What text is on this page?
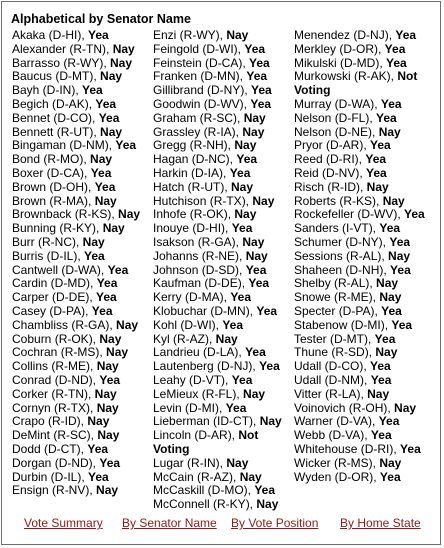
Alphabetical by Senator Name
Akaka (D-HI), Yea
Alexander (R-TN), Nay
Barrasso (R-WY), Nay
Baucus (D-MT), Nay
Bayh (D-IN), Yea
Begich (D-AK), Yea
Bennet (D-CO), Yea
Bennett (R-UT), Nay
Bingaman (D-NM), Yea
Bond (R-MO), Nay
Boxer (D-CA), Yea
Brown (D-OH), Yea
Brown (R-MA), Nay
Brownback (R-KS), Nay
Bunning (R-KY), Nay
Burr (R-NC), Nay
Burris (D-IL), Yea
Cantwell (D-WA), Yea
Cardin (D-MD), Yea
Carper (D-DE), Yea
Casey (D-PA), Yea
Chambliss (R-GA), Nay
Coburn (R-OK), Nay
Cochran (R-MS), Nay
Collins (R-ME), Nay
Conrad (D-ND), Yea
Corker (R-TN), Nay
Cornyn (R-TX), Nay
Crapo (R-ID), Nay
DeMint (R-SC), Nay
Dodd (D-CT), Yea
Dorgan (D-ND), Yea
Durbin (D-IL), Yea
Ensign (R-NV), Nay
Enzi (R-WY), Nay
Feingold (D-WI), Yea
Feinstein (D-CA), Yea
Franken (D-MN), Yea
Gillibrand (D-NY), Yea
Goodwin (D-WV), Yea
Graham (R-SC), Nay
Grassley (R-IA), Nay
Gregg (R-NH), Nay
Hagan (D-NC), Yea
Harkin (D-IA), Yea
Hatch (R-UT), Nay
Hutchison (R-TX), Nay
Inhofe (R-OK), Nay
Inouye (D-HI), Yea
Isakson (R-GA), Nay
Johanns (R-NE), Nay
Johnson (D-SD), Yea
Kaufman (D-DE), Yea
Kerry (D-MA), Yea
Klobuchar (D-MN), Yea
Kohl (D-WI), Yea
Kyl (R-AZ), Nay
Landrieu (D-LA), Yea
Lautenberg (D-NJ), Yea
Leahy (D-VT), Yea
LeMieux (R-FL), Nay
Levin (D-MI), Yea
Lieberman (ID-CT), Nay
Lincoln (D-AR), Not Voting
Lugar (R-IN), Nay
McCain (R-AZ), Nay
McCaskill (D-MO), Yea
McConnell (R-KY), Nay
Menendez (D-NJ), Yea
Merkley (D-OR), Yea
Mikulski (D-MD), Yea
Murkowski (R-AK), Not Voting
Murray (D-WA), Yea
Nelson (D-FL), Yea
Nelson (D-NE), Nay
Pryor (D-AR), Yea
Reed (D-RI), Yea
Reid (D-NV), Yea
Risch (R-ID), Nay
Roberts (R-KS), Nay
Rockefeller (D-WV), Yea
Sanders (I-VT), Yea
Schumer (D-NY), Yea
Sessions (R-AL), Nay
Shaheen (D-NH), Yea
Shelby (R-AL), Nay
Snowe (R-ME), Nay
Specter (D-PA), Yea
Stabenow (D-MI), Yea
Tester (D-MT), Yea
Thune (R-SD), Nay
Udall (D-CO), Yea
Udall (D-NM), Yea
Vitter (R-LA), Nay
Voinovich (R-OH), Nay
Warner (D-VA), Yea
Webb (D-VA), Yea
Whitehouse (D-RI), Yea
Wicker (R-MS), Nay
Wyden (D-OR), Yea
Vote Summary By Senator Name By Vote Position By Home State
